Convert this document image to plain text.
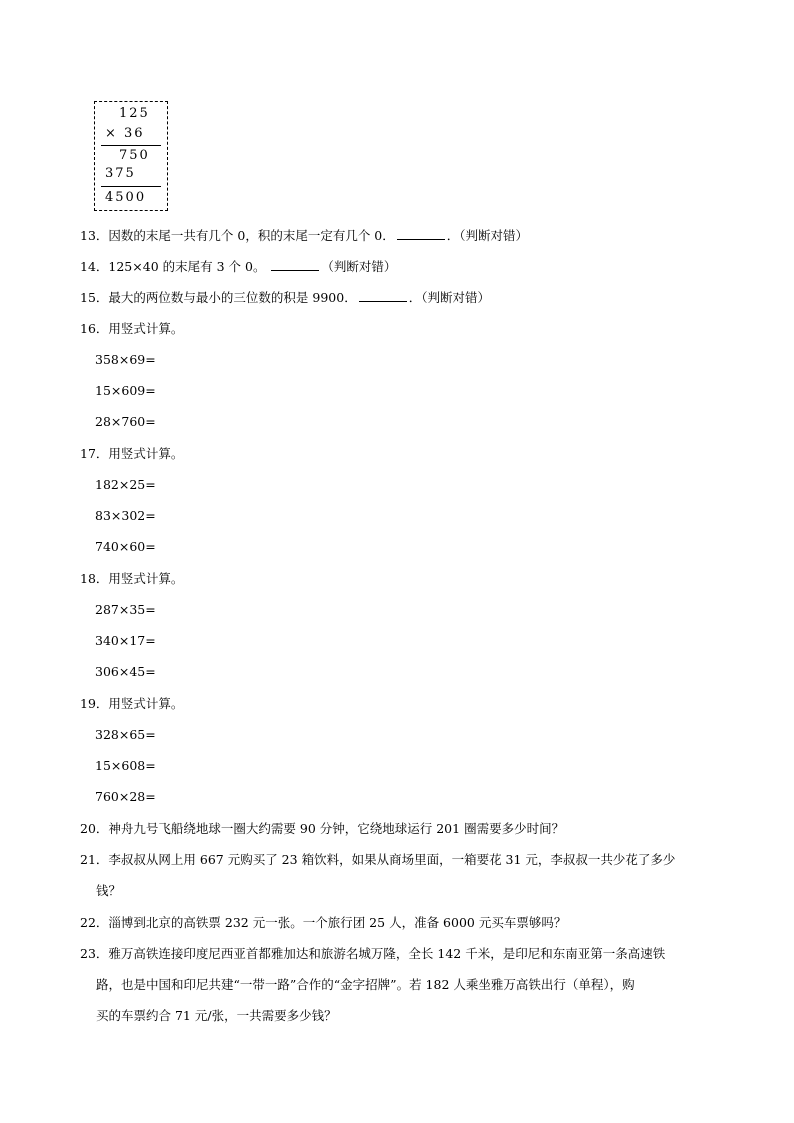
125
× 36
750
375
4500
13．因数的末尾一共有几个 0，积的末尾一定有几个 0．	．（判断对错）
14．125×40 的末尾有 3 个 0。	（判断对错）
15．最大的两位数与最小的三位数的积是 9900．	．（判断对错）
16．用竖式计算。
358×69=
15×609=
28×760=
17．用竖式计算。
182×25=
83×302=
740×60=
18．用竖式计算。
287×35=
340×17=
306×45=
19．用竖式计算。
328×65=
15×608=
760×28=
20．神舟九号飞船绕地球一圈大约需要 90 分钟，它绕地球运行 201 圈需要多少时间？
21．李叔叔从网上用 667 元购买了 23 箱饮料，如果从商场里面，一箱要花 31 元，李叔叔一共少花了多少
钱？
22．淄博到北京的高铁票 232 元一张。一个旅行团 25 人，准备 6000 元买车票够吗？
23．雅万高铁连接印度尼西亚首都雅加达和旅游名城万隆，全长 142 千米，是印尼和东南亚第一条高速铁
路，也是中国和印尼共建“一带一路”合作的“金字招牌”。若 182 人乘坐雅万高铁出行（单程），购
买的车票约合 71 元/张，一共需要多少钱？
